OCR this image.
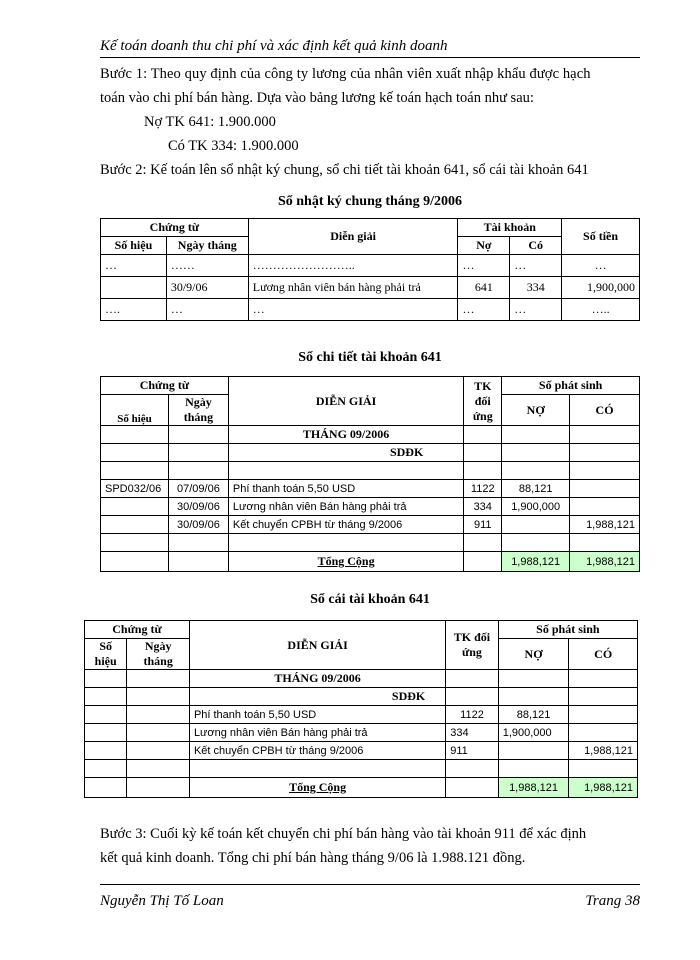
Kế toán doanh thu chi phí và xác định kết quả kinh doanh
Bước 1: Theo quy định của công ty lương của nhân viên xuất nhập khẩu được hạch
toán vào chi phí bán hàng. Dựa vào bảng lương kế toán hạch toán như sau:
Nợ TK 641: 1.900.000
Có TK 334: 1.900.000
Bước 2: Kế toán lên sổ nhật ký chung, sổ chi tiết tài khoản 641, sổ cái tài khoản 641
Sổ nhật ký chung tháng 9/2006
Chứng từ		Diễn giải	Tài khoản		Số tiền
Số hiệu	Ngày tháng		Nợ	Có	
…	……	……………………..	…	…	…
	30/9/06	Lương nhân viên bán hàng phải trả	641	334	1,900,000
….	…	…	…	…	…..
Sổ chi tiết tài khoản 641
Chứng từ		DIỄN GIẢI	TK đối ứng	Số phát sinh	
Số hiệu	Ngày tháng			NỢ	CÓ

		THÁNG 09/2006			
		SDĐK			

SPD032/06	07/09/06	Phí thanh toán 5,50 USD	1122	88,121	
	30/09/06	Lương nhân viên Bán hàng phải trả	334	1,900,000	
	30/09/06	Kết chuyển CPBH từ tháng 9/2006	911		1,988,121

		Tổng Cộng		1,988,121	1,988,121
Sổ cái tài khoản 641
Chứng từ		DIỄN GIẢI	TK đối ứng	Số phát sinh	
Số hiệu	Ngày tháng			NỢ	CÓ

		THÁNG 09/2006			
		SDĐK			
		Phí thanh toán 5,50 USD	1122	88,121	
		Lương nhân viên Bán hàng phải trả	334	1,900,000	
		Kết chuyển CPBH từ tháng 9/2006	911		1,988,121

		Tổng Cộng		1,988,121	1,988,121
Bước 3: Cuối kỳ kế toán kết chuyển chi phí bán hàng vào tài khoản 911 để xác định
kết quả kinh doanh. Tổng chi phí bán hàng tháng 9/06 là 1.988.121 đồng.
Nguyễn Thị Tố Loan	Trang 38
